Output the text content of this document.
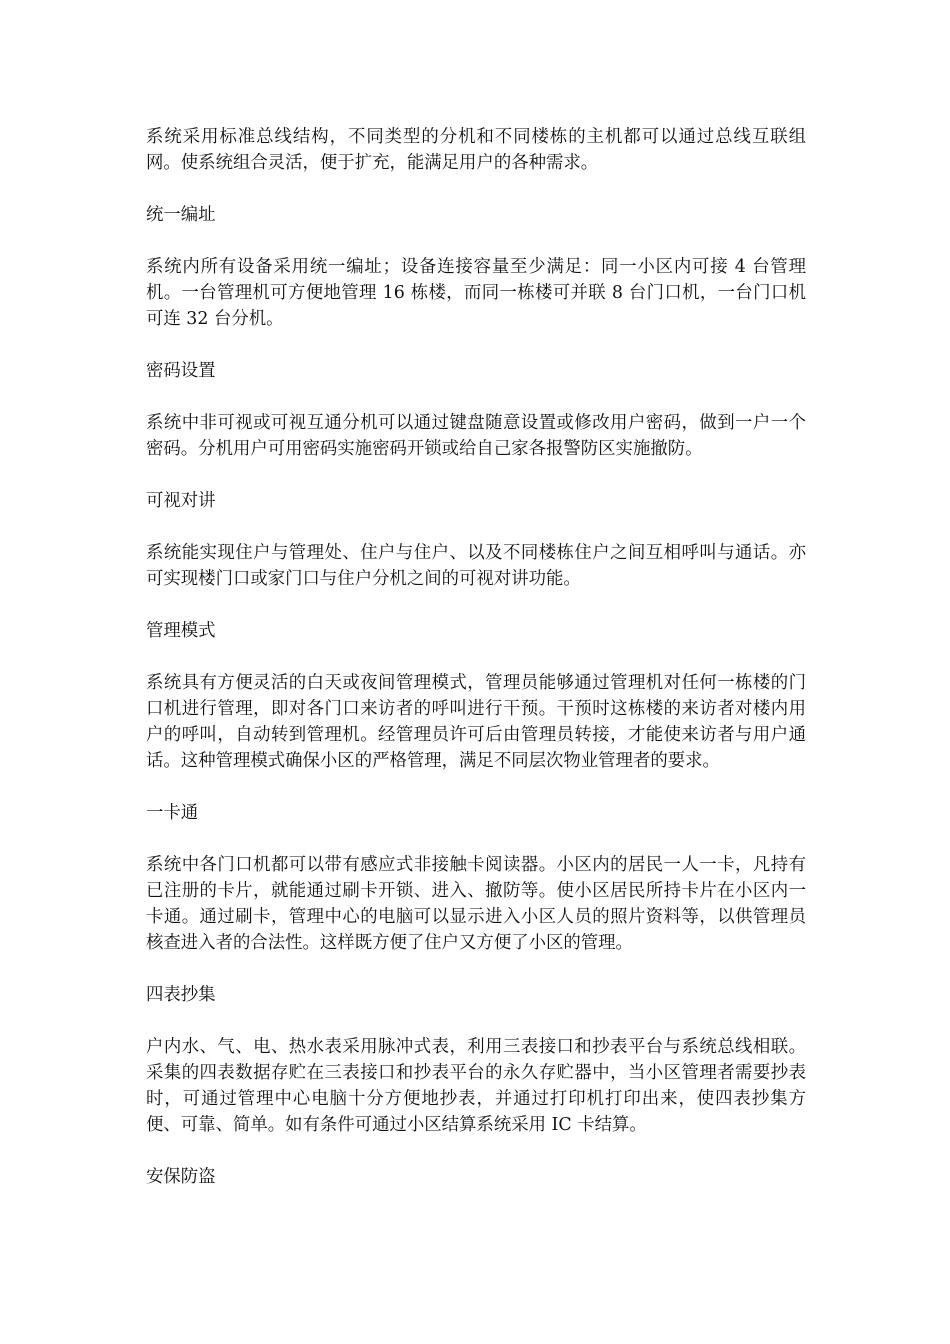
系统采用标准总线结构，不同类型的分机和不同楼栋的主机都可以通过总线互联组网。使系统组合灵活，便于扩充，能满足用户的各种需求。

统一编址

系统内所有设备采用统一编址；设备连接容量至少满足：同一小区内可接 4 台管理机。一台管理机可方便地管理 16 栋楼，而同一栋楼可并联 8 台门口机，一台门口机可连 32 台分机。

密码设置

系统中非可视或可视互通分机可以通过键盘随意设置或修改用户密码，做到一户一个密码。分机用户可用密码实施密码开锁或给自己家各报警防区实施撤防。

可视对讲

系统能实现住户与管理处、住户与住户、以及不同楼栋住户之间互相呼叫与通话。亦可实现楼门口或家门口与住户分机之间的可视对讲功能。

管理模式

系统具有方便灵活的白天或夜间管理模式，管理员能够通过管理机对任何一栋楼的门口机进行管理，即对各门口来访者的呼叫进行干预。干预时这栋楼的来访者对楼内用户的呼叫，自动转到管理机。经管理员许可后由管理员转接，才能使来访者与用户通话。这种管理模式确保小区的严格管理，满足不同层次物业管理者的要求。

一卡通

系统中各门口机都可以带有感应式非接触卡阅读器。小区内的居民一人一卡，凡持有已注册的卡片，就能通过刷卡开锁、进入、撤防等。使小区居民所持卡片在小区内一卡通。通过刷卡，管理中心的电脑可以显示进入小区人员的照片资料等，以供管理员核查进入者的合法性。这样既方便了住户又方便了小区的管理。

四表抄集

户内水、气、电、热水表采用脉冲式表，利用三表接口和抄表平台与系统总线相联。采集的四表数据存贮在三表接口和抄表平台的永久存贮器中，当小区管理者需要抄表时，可通过管理中心电脑十分方便地抄表，并通过打印机打印出来，使四表抄集方便、可靠、简单。如有条件可通过小区结算系统采用 IC 卡结算。

安保防盗
